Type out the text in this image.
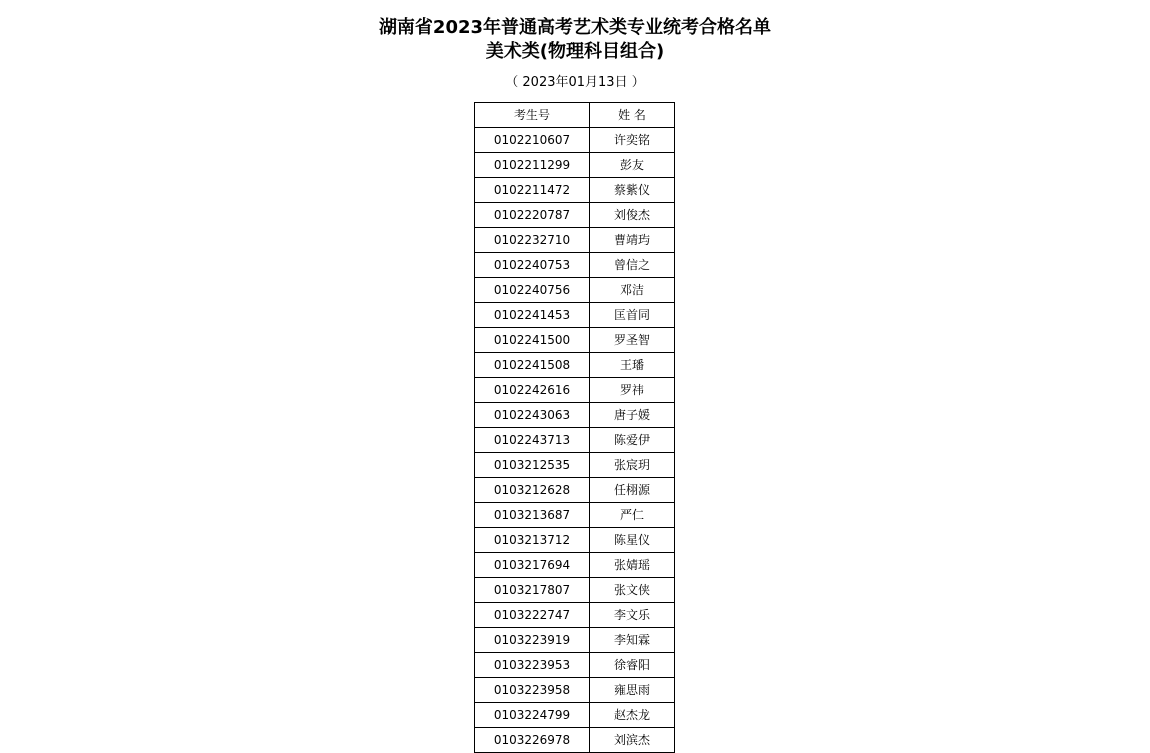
湖南省2023年普通高考艺术类专业统考合格名单
美术类(物理科目组合)
（ 2023年01月13日 ）
考生号	姓 名
0102210607	许奕铭
0102211299	彭友
0102211472	蔡紫仪
0102220787	刘俊杰
0102232710	曹靖玙
0102240753	曾信之
0102240756	邓洁
0102241453	匡首同
0102241500	罗圣智
0102241508	王璠
0102242616	罗祎
0102243063	唐子媛
0102243713	陈爱伊
0103212535	张宸玥
0103212628	任栩源
0103213687	严仁
0103213712	陈星仪
0103217694	张婧瑶
0103217807	张文侠
0103222747	李文乐
0103223919	李知霖
0103223953	徐睿阳
0103223958	雍思雨
0103224799	赵杰龙
0103226978	刘滨杰
